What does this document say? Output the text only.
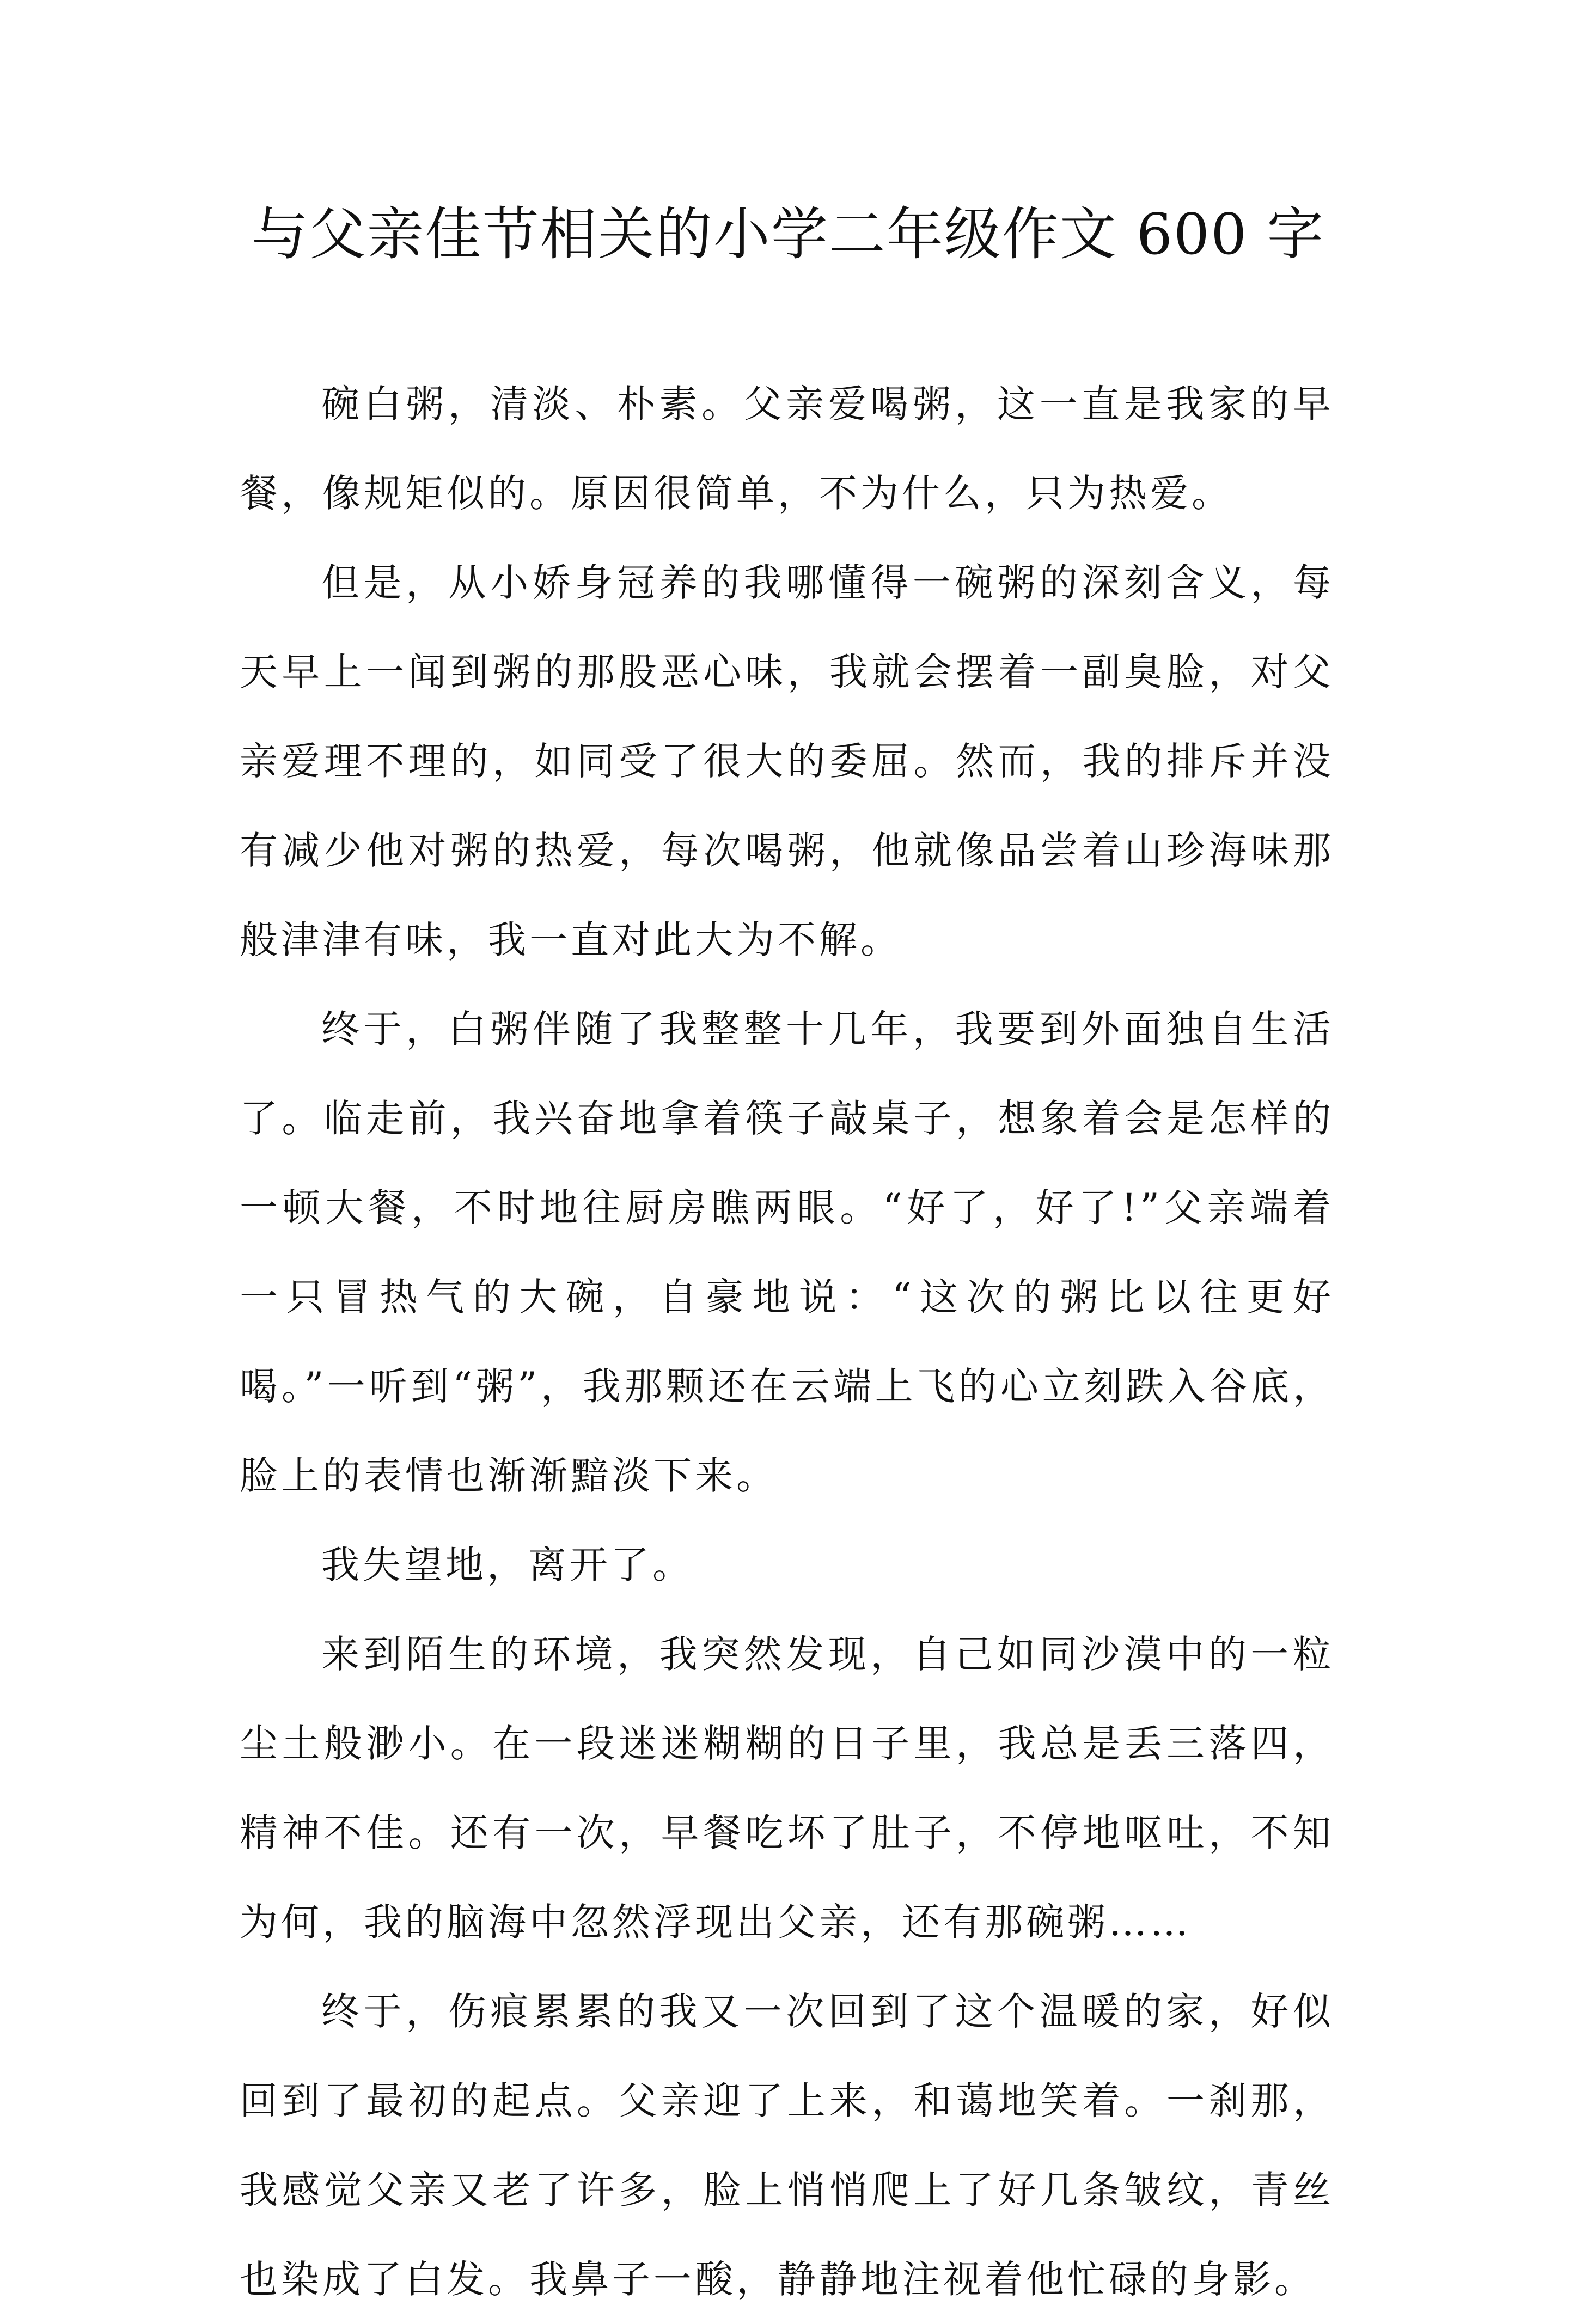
与父亲佳节相关的小学二年级作文 600 字

碗白粥，清淡、朴素。父亲爱喝粥，这一直是我家的早餐，像规矩似的。原因很简单，不为什么，只为热爱。

但是，从小娇身冠养的我哪懂得一碗粥的深刻含义，每天早上一闻到粥的那股恶心味，我就会摆着一副臭脸，对父亲爱理不理的，如同受了很大的委屈。然而，我的排斥并没有减少他对粥的热爱，每次喝粥，他就像品尝着山珍海味那般津津有味，我一直对此大为不解。

终于，白粥伴随了我整整十几年，我要到外面独自生活了。临走前，我兴奋地拿着筷子敲桌子，想象着会是怎样的一顿大餐，不时地往厨房瞧两眼。“好了，好了!”父亲端着一只冒热气的大碗，自豪地说：“这次的粥比以往更好喝。”一听到“粥”，我那颗还在云端上飞的心立刻跌入谷底，脸上的表情也渐渐黯淡下来。

我失望地，离开了。

来到陌生的环境，我突然发现，自己如同沙漠中的一粒尘土般渺小。在一段迷迷糊糊的日子里，我总是丢三落四，精神不佳。还有一次，早餐吃坏了肚子，不停地呕吐，不知为何，我的脑海中忽然浮现出父亲，还有那碗粥……

终于，伤痕累累的我又一次回到了这个温暖的家，好似回到了最初的起点。父亲迎了上来，和蔼地笑着。一刹那，我感觉父亲又老了许多，脸上悄悄爬上了好几条皱纹，青丝也染成了白发。我鼻子一酸，静静地注视着他忙碌的身影。
